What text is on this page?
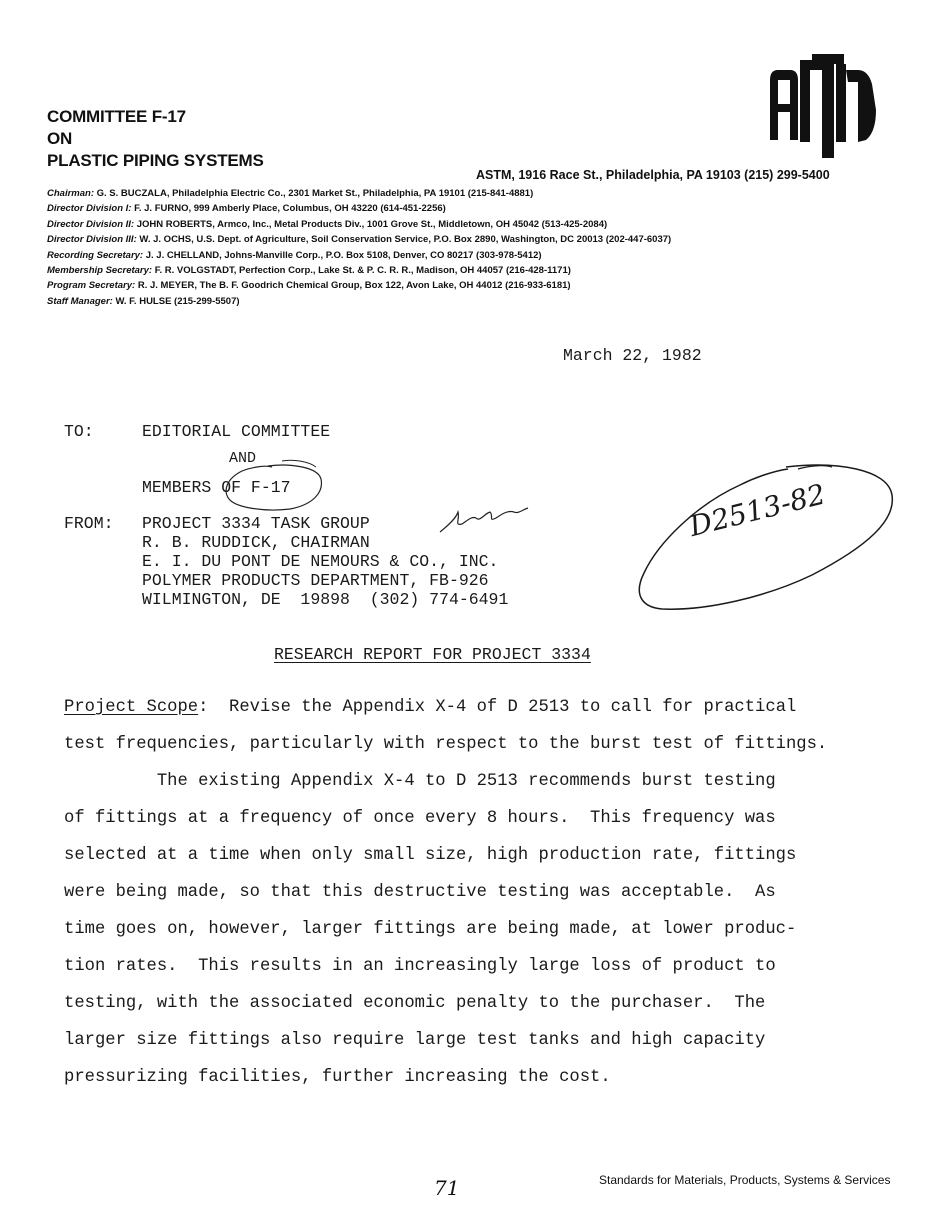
COMMITTEE F-17
ON
PLASTIC PIPING SYSTEMS
ASTM, 1916 Race St., Philadelphia, PA 19103 (215) 299-5400
Chairman: G. S. BUCZALA, Philadelphia Electric Co., 2301 Market St., Philadelphia, PA 19101 (215-841-4881)
Director Division I: F. J. FURNO, 999 Amberly Place, Columbus, OH 43220 (614-451-2256)
Director Division II: JOHN ROBERTS, Armco, Inc., Metal Products Div., 1001 Grove St., Middletown, OH 45042 (513-425-2084)
Director Division III: W. J. OCHS, U.S. Dept. of Agriculture, Soil Conservation Service, P.O. Box 2890, Washington, DC 20013 (202-447-6037)
Recording Secretary: J. J. CHELLAND, Johns-Manville Corp., P.O. Box 5108, Denver, CO 80217 (303-978-5412)
Membership Secretary: F. R. VOLGSTADT, Perfection Corp., Lake St. & P. C. R. R., Madison, OH 44057 (216-428-1171)
Program Secretary: R. J. MEYER, The B. F. Goodrich Chemical Group, Box 122, Avon Lake, OH 44012 (216-933-6181)
Staff Manager: W. F. HULSE (215-299-5507)
March 22, 1982
TO:	EDITORIAL COMMITTEE
AND
MEMBERS OF F-17
FROM: PROJECT 3334 TASK GROUP
R. B. RUDDICK, CHAIRMAN
E. I. DU PONT DE NEMOURS & CO., INC.
POLYMER PRODUCTS DEPARTMENT, FB-926
WILMINGTON, DE  19898  (302) 774-6491
D2513-82
RESEARCH REPORT FOR PROJECT 3334
Project Scope:  Revise the Appendix X-4 of D 2513 to call for practical
test frequencies, particularly with respect to the burst test of fittings.
The existing Appendix X-4 to D 2513 recommends burst testing
of fittings at a frequency of once every 8 hours.  This frequency was
selected at a time when only small size, high production rate, fittings
were being made, so that this destructive testing was acceptable.  As
time goes on, however, larger fittings are being made, at lower produc-
tion rates.  This results in an increasingly large loss of product to
testing, with the associated economic penalty to the purchaser.  The
larger size fittings also require large test tanks and high capacity
pressurizing facilities, further increasing the cost.
71	Standards for Materials, Products, Systems & Services
